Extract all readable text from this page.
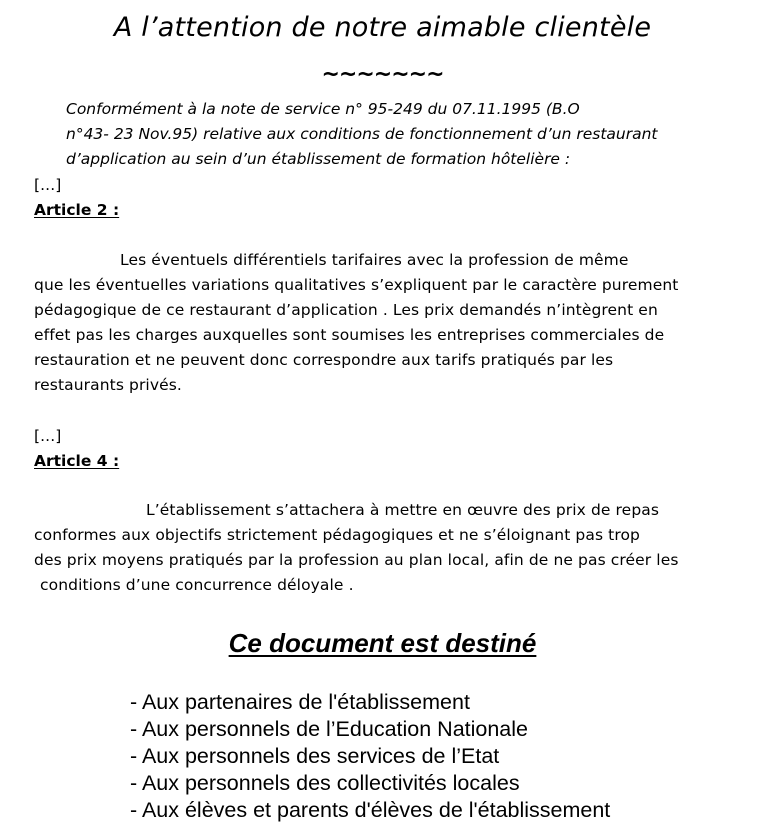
A l’attention de notre aimable clientèle
~~~~~~~
Conformément à la note de service n° 95-249 du 07.11.1995 (B.O
n°43- 23 Nov.95) relative aux conditions de fonctionnement d’un restaurant
d’application au sein d’un établissement de formation hôtelière :
[...]
Article 2 :
Les éventuels différentiels tarifaires avec la profession de même
que les éventuelles variations qualitatives s’expliquent par le caractère purement
pédagogique de ce restaurant d’application . Les prix demandés n’intègrent en
effet pas les charges auxquelles sont soumises les entreprises commerciales de
restauration et ne peuvent donc correspondre aux tarifs pratiqués par les
restaurants privés.
[...]
Article 4 :
L’établissement s’attachera à mettre en œuvre des prix de repas
conformes aux objectifs strictement pédagogiques et ne s’éloignant pas trop
des prix moyens pratiqués par la profession au plan local, afin de ne pas créer les
conditions d’une concurrence déloyale .
Ce document est destiné
- Aux partenaires de l'établissement
- Aux personnels de l’Education Nationale
- Aux personnels des services de l’Etat
- Aux personnels des collectivités locales
- Aux élèves et parents d'élèves de l'établissement
